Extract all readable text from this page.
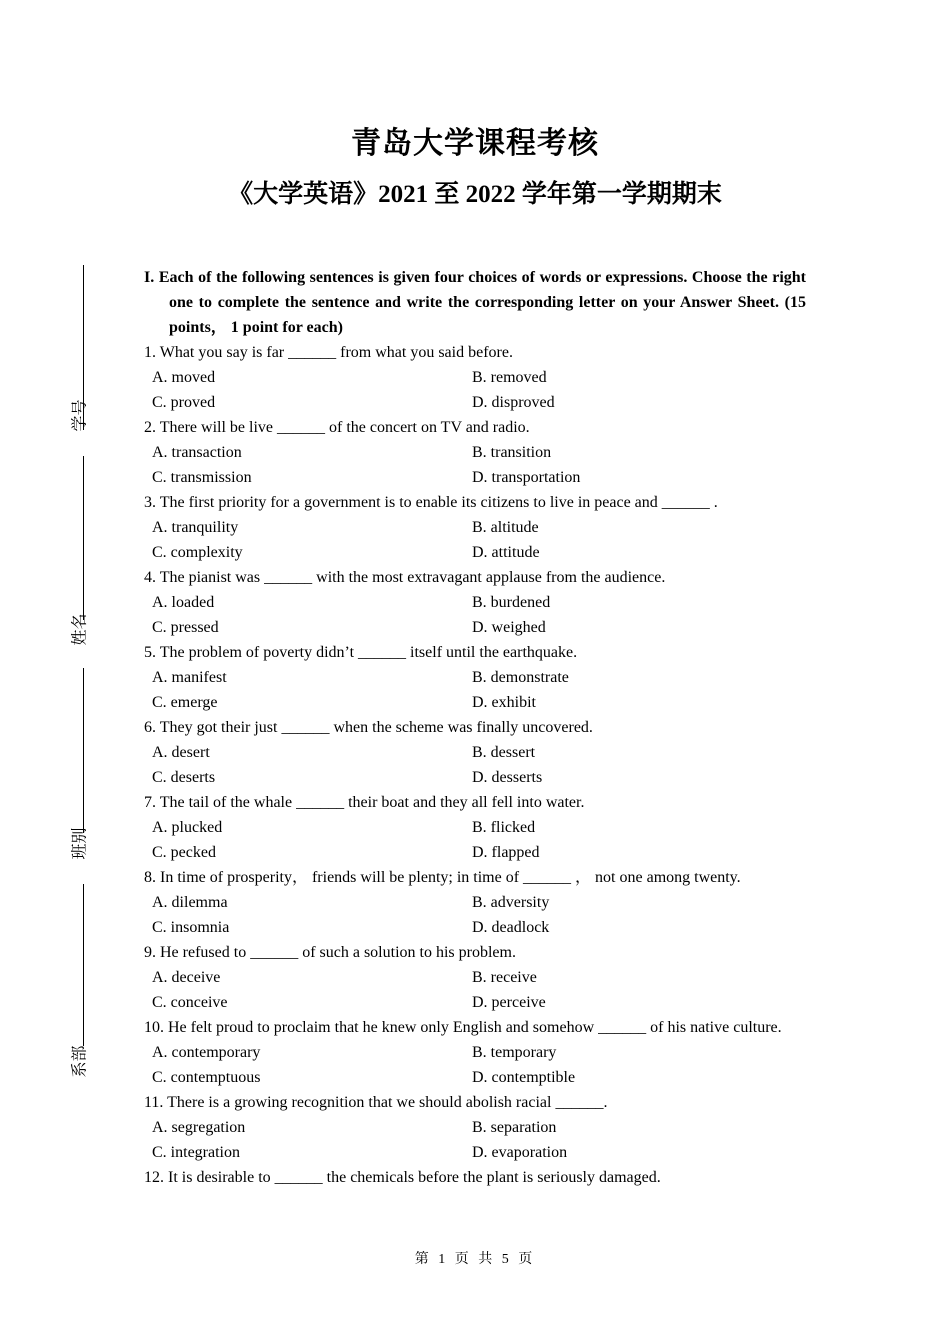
青岛大学课程考核
《大学英语》2021 至 2022 学年第一学期期末
学号
姓名
班别
系部
I. Each of the following sentences is given four choices of words or expressions. Choose the right one to complete the sentence and write the corresponding letter on your Answer Sheet. (15 points， 1 point for each)
1. What you say is far ______ from what you said before.
A. moved	B. removed
C. proved	D. disproved
2. There will be live ______ of the concert on TV and radio.
A. transaction	B. transition
C. transmission	D. transportation
3. The first priority for a government is to enable its citizens to live in peace and ______ .
A. tranquility	B. altitude
C. complexity	D. attitude
4. The pianist was ______ with the most extravagant applause from the audience.
A. loaded	B. burdened
C. pressed	D. weighed
5. The problem of poverty didn’t ______ itself until the earthquake.
A. manifest	B. demonstrate
C. emerge	D. exhibit
6. They got their just ______ when the scheme was finally uncovered.
A. desert	B. dessert
C. deserts	D. desserts
7. The tail of the whale ______ their boat and they all fell into water.
A. plucked	B. flicked
C. pecked	D. flapped
8. In time of prosperity， friends will be plenty; in time of ______ ， not one among twenty.
A. dilemma	B. adversity
C. insomnia	D. deadlock
9. He refused to ______ of such a solution to his problem.
A. deceive	B. receive
C. conceive	D. perceive
10. He felt proud to proclaim that he knew only English and somehow ______ of his native culture.
A. contemporary	B. temporary
C. contemptuous	D. contemptible
11. There is a growing recognition that we should abolish racial ______.
A. segregation	B. separation
C. integration	D. evaporation
12. It is desirable to ______ the chemicals before the plant is seriously damaged.
第 1 页 共 5 页
